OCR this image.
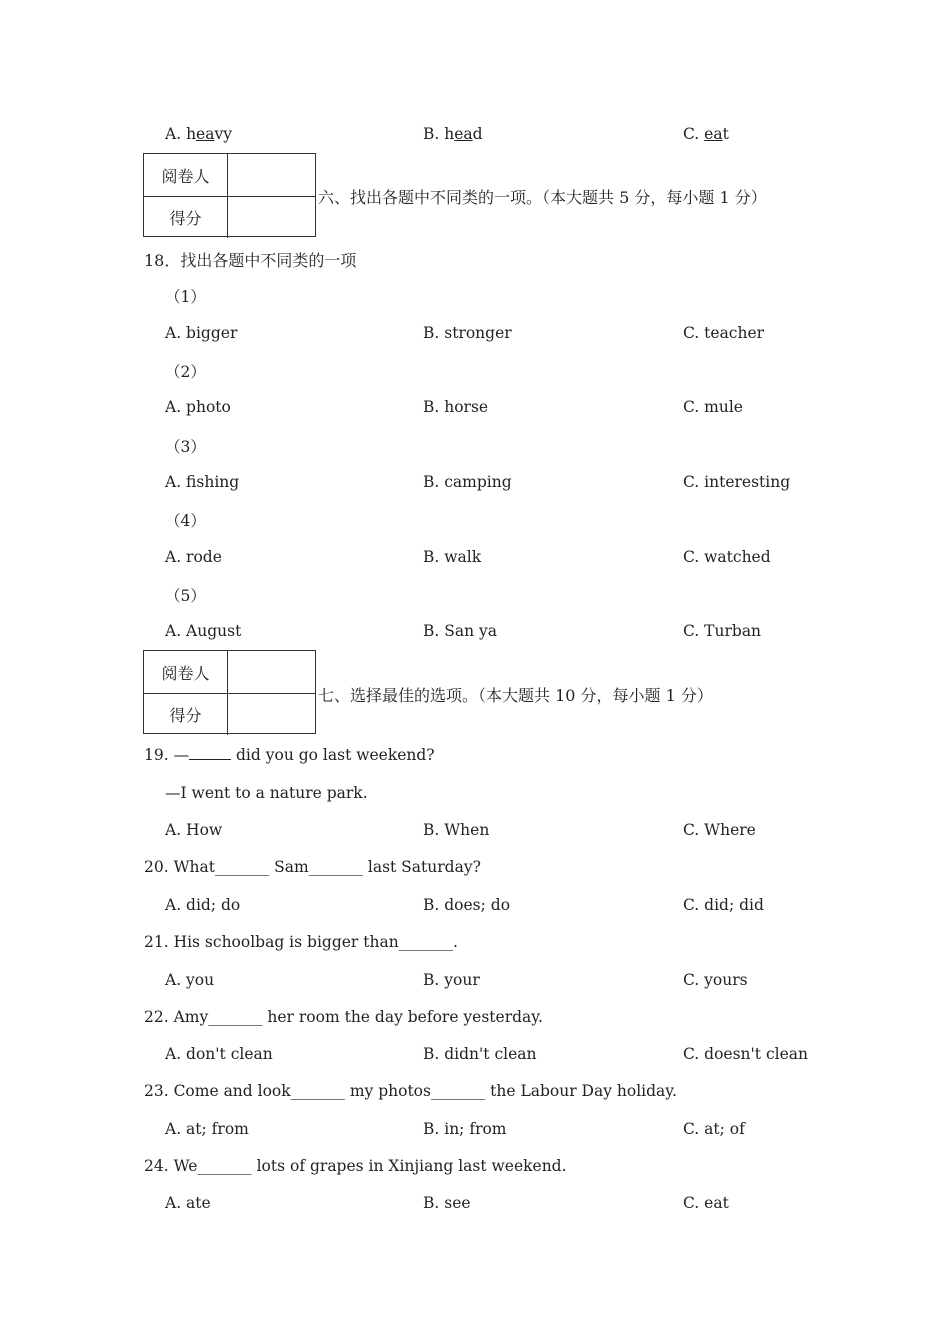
A. heavy	B. head	C. eat
阅卷人
得分
六、找出各题中不同类的一项。（本大题共 5 分，每小题 1 分）
18．找出各题中不同类的一项
（1）
A. bigger	B. stronger	C. teacher
（2）
A. photo	B. horse	C. mule
（3）
A. fishing	B. camping	C. interesting
（4）
A. rode	B. walk	C. watched
（5）
A. August	B. San ya	C. Turban
阅卷人
得分
七、选择最佳的选项。（本大题共 10 分，每小题 1 分）
19. —	did you go last weekend?
—I went to a nature park.
A. How	B. When	C. Where
20. What_______ Sam_______ last Saturday?
A. did; do	B. does; do	C. did; did
21. His schoolbag is bigger than_______.
A. you	B. your	C. yours
22. Amy_______ her room the day before yesterday.
A. don't clean	B. didn't clean	C. doesn't clean
23. Come and look_______ my photos_______ the Labour Day holiday.
A. at; from	B. in; from	C. at; of
24. We_______ lots of grapes in Xinjiang last weekend.
A. ate	B. see	C. eat
